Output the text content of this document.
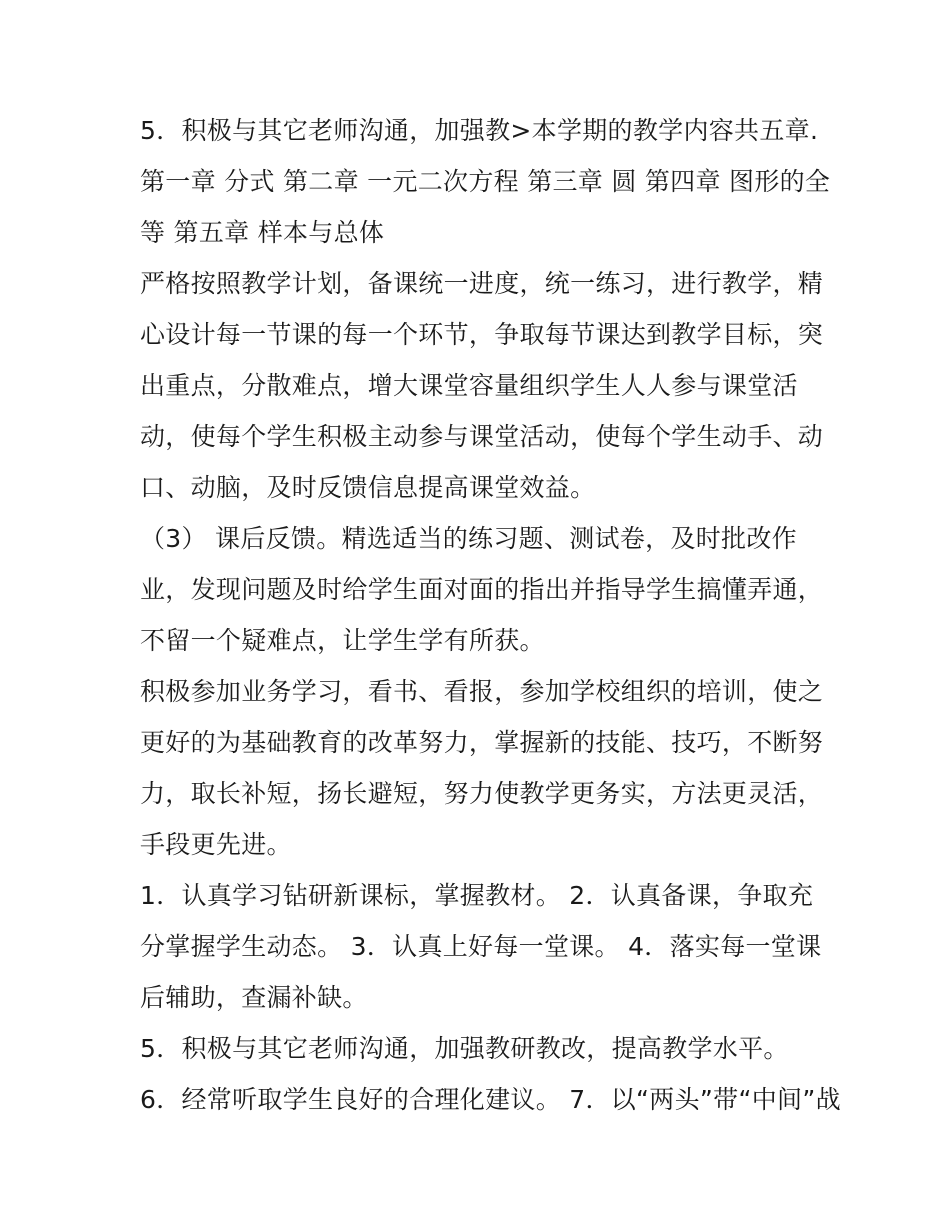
5．积极与其它老师沟通，加强教>本学期的教学内容共五章.
第一章 分式 第二章 一元二次方程 第三章 圆 第四章 图形的全
等 第五章 样本与总体
严格按照教学计划，备课统一进度，统一练习，进行教学，精
心设计每一节课的每一个环节，争取每节课达到教学目标，突
出重点，分散难点，增大课堂容量组织学生人人参与课堂活
动，使每个学生积极主动参与课堂活动，使每个学生动手、动
口、动脑，及时反馈信息提高课堂效益。
（3） 课后反馈。精选适当的练习题、测试卷，及时批改作
业，发现问题及时给学生面对面的指出并指导学生搞懂弄通，
不留一个疑难点，让学生学有所获。
积极参加业务学习，看书、看报，参加学校组织的培训，使之
更好的为基础教育的改革努力，掌握新的技能、技巧，不断努
力，取长补短，扬长避短，努力使教学更务实，方法更灵活，
手段更先进。
1．认真学习钻研新课标，掌握教材。 2．认真备课，争取充
分掌握学生动态。 3．认真上好每一堂课。 4．落实每一堂课
后辅助，查漏补缺。
5．积极与其它老师沟通，加强教研教改，提高教学水平。
6．经常听取学生良好的合理化建议。 7．以“两头”带“中间”战
